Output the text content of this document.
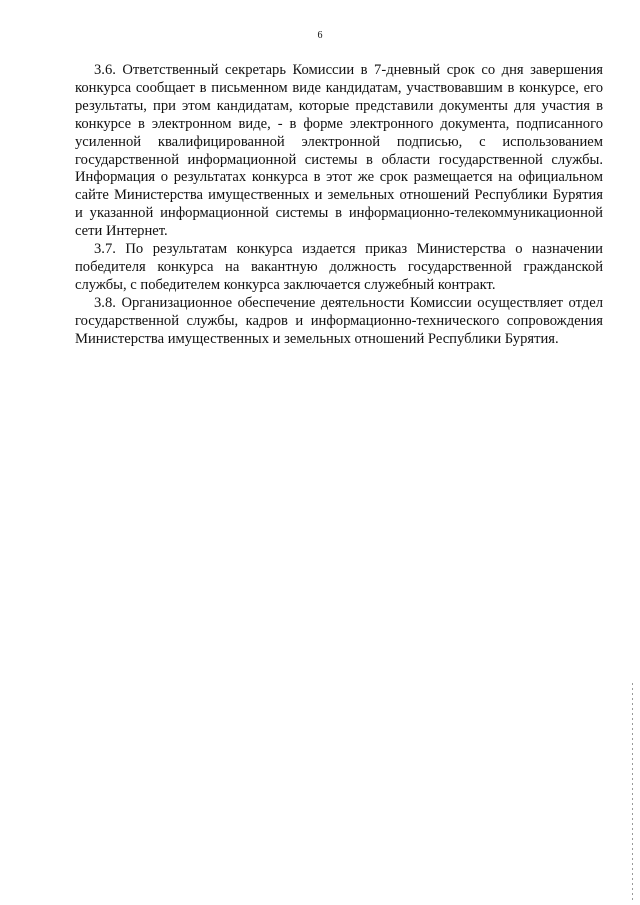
6

3.6. Ответственный секретарь Комиссии в 7-дневный срок со дня завершения конкурса сообщает в письменном виде кандидатам, участвовавшим в конкурсе, его результаты, при этом кандидатам, которые представили документы для участия в конкурсе в электронном виде, - в форме электронного документа, подписанного усиленной квалифицированной электронной подписью, с использованием государственной информационной системы в области государственной службы. Информация о результатах конкурса в этот же срок размещается на официальном сайте Министерства имущественных и земельных отношений Республики Бурятия и указанной информационной системы в информационно-телекоммуникационной сети Интернет.

3.7. По результатам конкурса издается приказ Министерства о назначении победителя конкурса на вакантную должность государственной гражданской службы, с победителем конкурса заключается служебный контракт.

3.8. Организационное обеспечение деятельности Комиссии осуществляет отдел государственной службы, кадров и информационно-технического сопровождения Министерства имущественных и земельных отношений Республики Бурятия.
